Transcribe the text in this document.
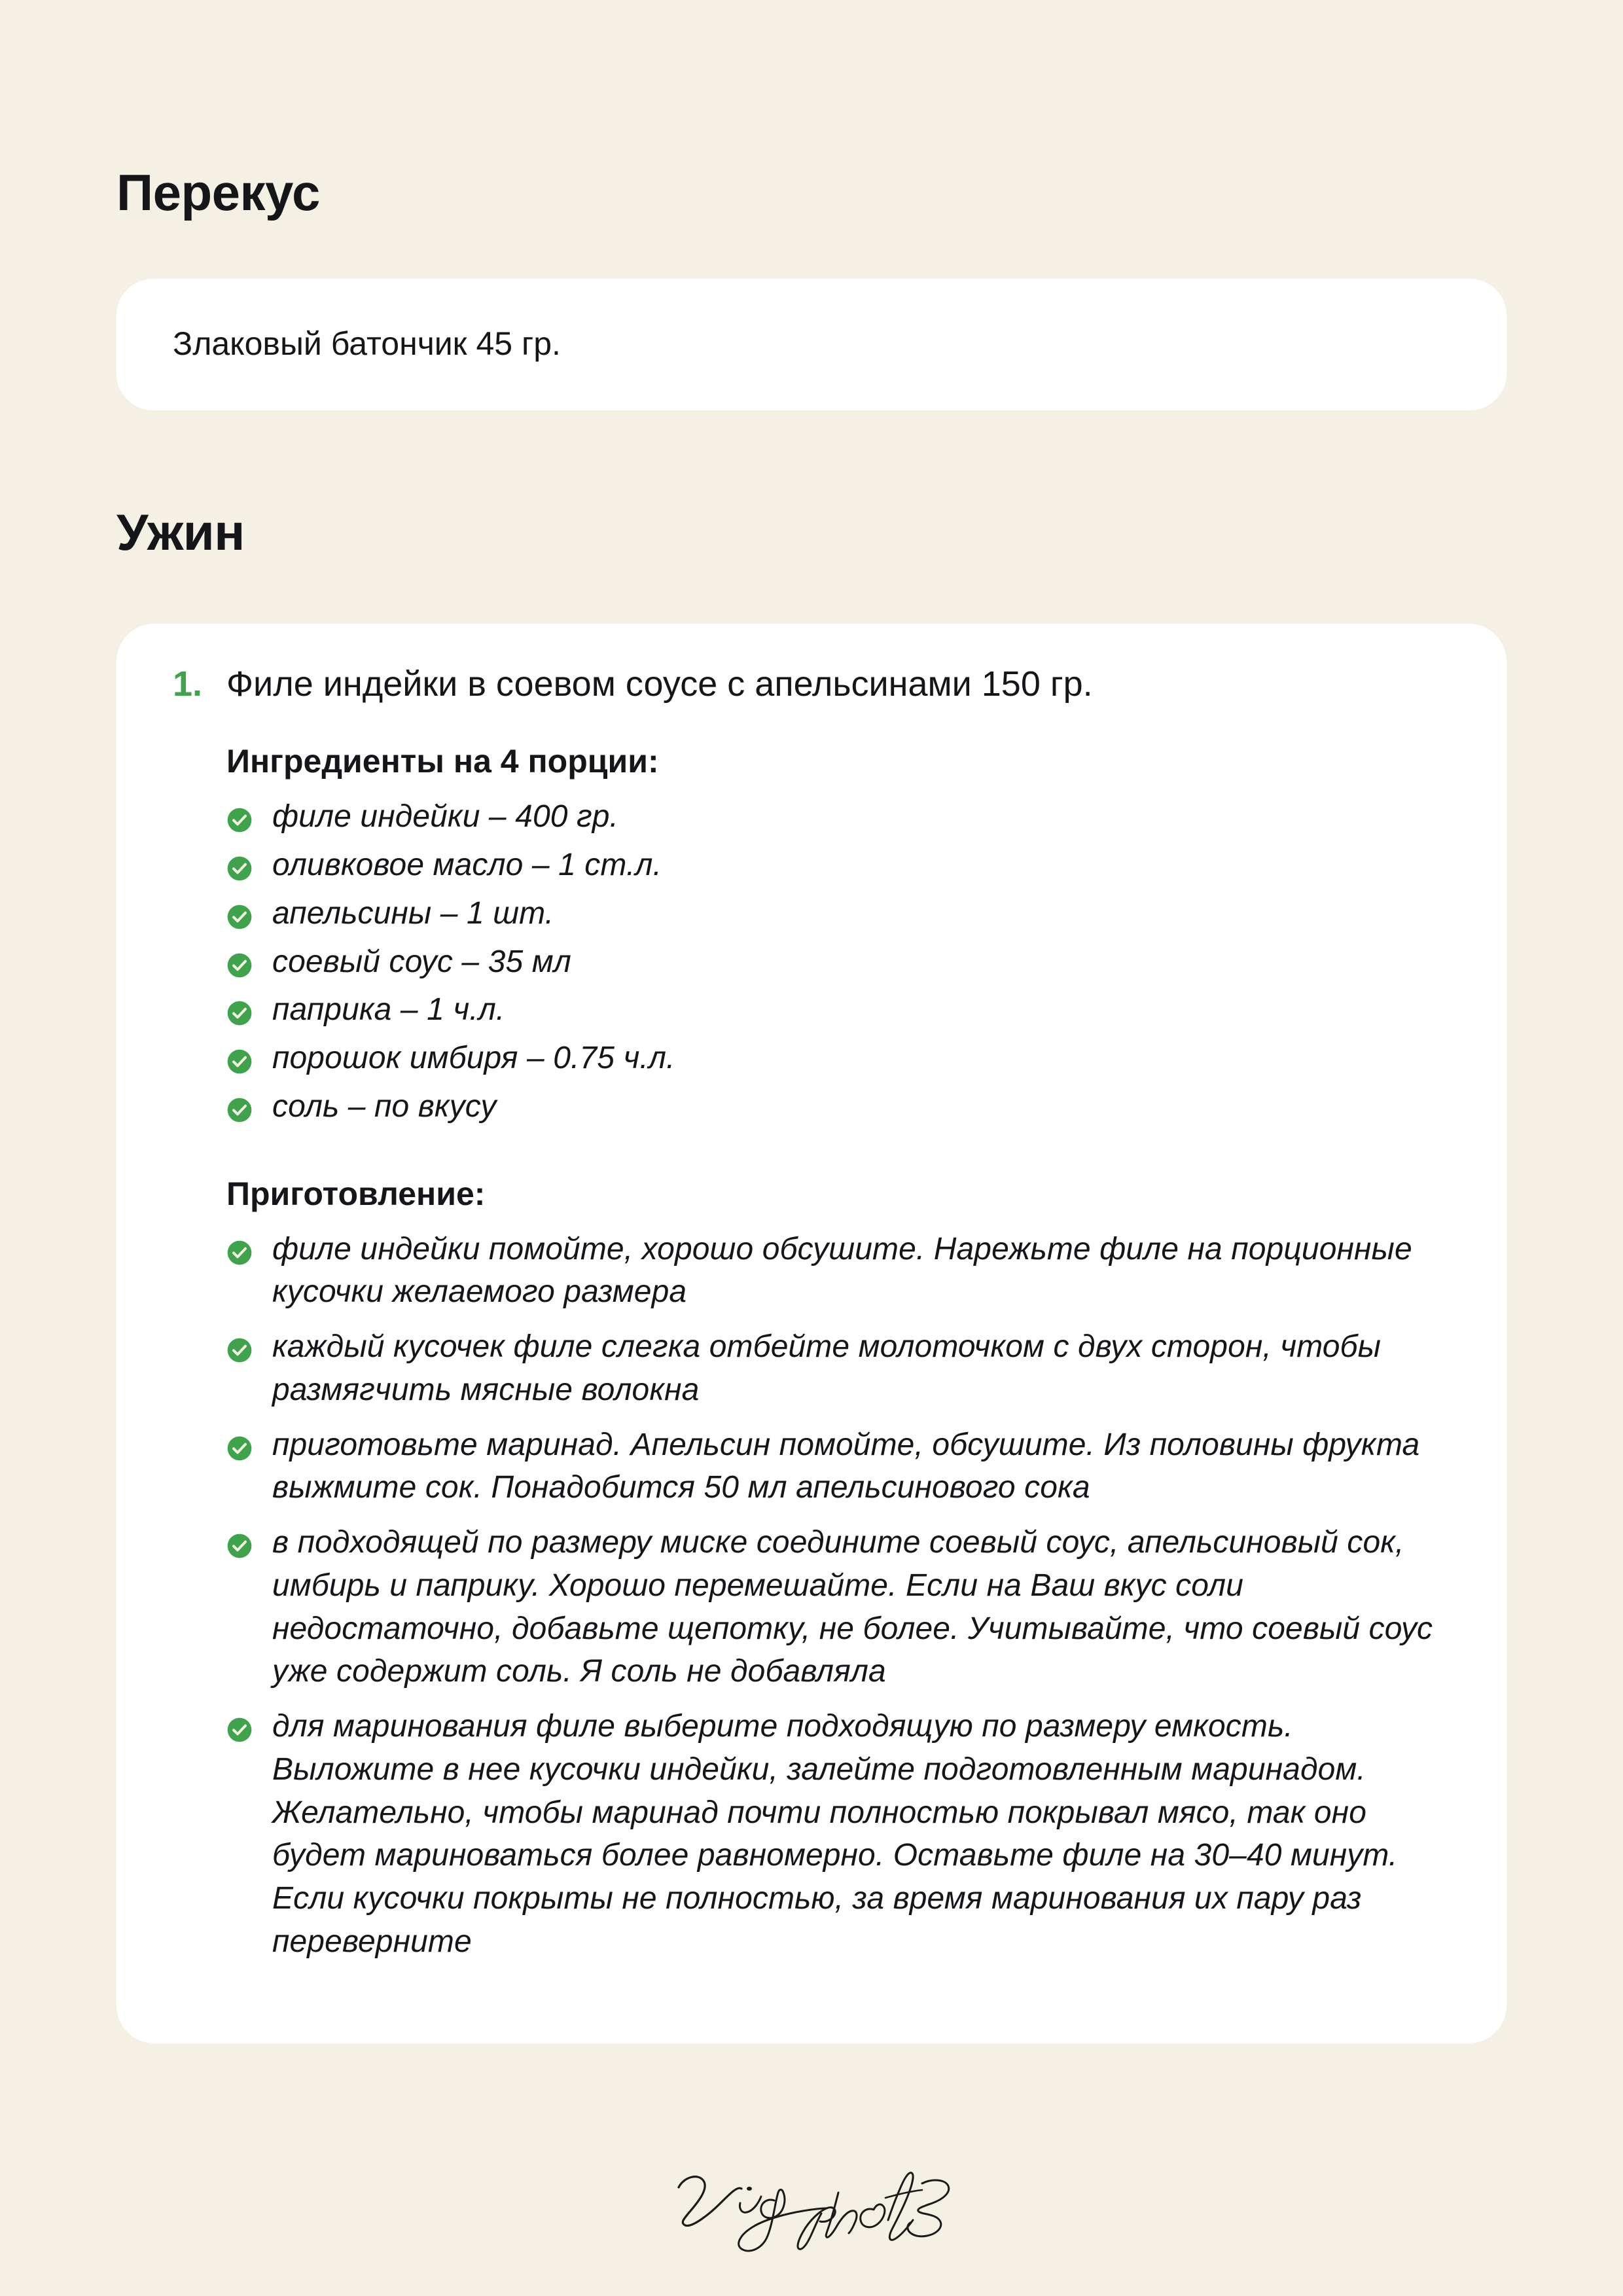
Перекус
Злаковый батончик 45 гр.
Ужин
1. Филе индейки в соевом соусе с апельсинами 150 гр.
Ингредиенты на 4 порции:
филе индейки – 400 гр.
оливковое масло – 1 ст.л.
апельсины – 1 шт.
соевый соус – 35 мл
паприка – 1 ч.л.
порошок имбиря – 0.75 ч.л.
соль – по вкусу
Приготовление:
филе индейки помойте, хорошо обсушите. Нарежьте филе на порционные кусочки желаемого размера
каждый кусочек филе слегка отбейте молоточком с двух сторон, чтобы размягчить мясные волокна
приготовьте маринад. Апельсин помойте, обсушите. Из половины фрукта выжмите сок. Понадобится 50 мл апельсинового сока
в подходящей по размеру миске соедините соевый соус, апельсиновый сок, имбирь и паприку. Хорошо перемешайте. Если на Ваш вкус соли недостаточно, добавьте щепотку, не более. Учитывайте, что соевый соус уже содержит соль. Я соль не добавляла
для маринования филе выберите подходящую по размеру емкость. Выложите в нее кусочки индейки, залейте подготовленным маринадом. Желательно, чтобы маринад почти полностью покрывал мясо, так оно будет мариноваться более равномерно. Оставьте филе на 30–40 минут. Если кусочки покрыты не полностью, за время маринования их пару раз переверните
